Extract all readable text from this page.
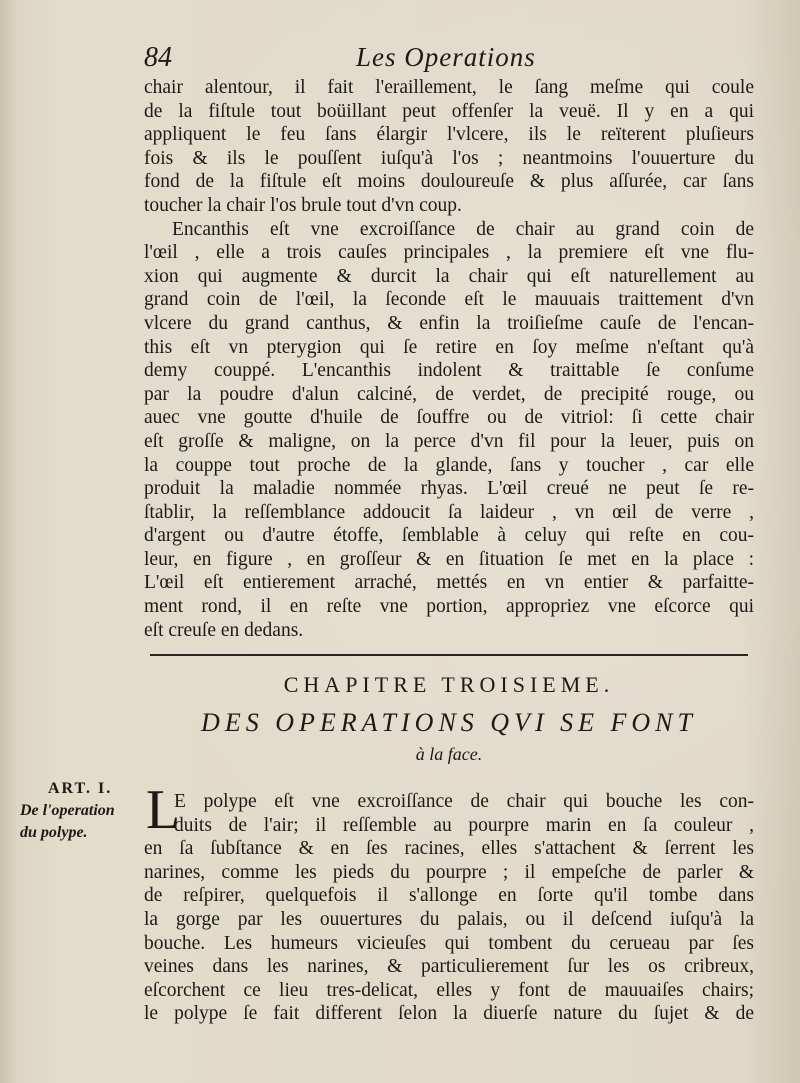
84	Les Operations
chair alentour, il fait l'eraillement, le ſang meſme qui coule
de la fiſtule tout boüillant peut offenſer la veuë. Il y en a qui
appliquent le feu ſans élargir l'vlcere, ils le reïterent pluſieurs
fois & ils le pouſſent iuſqu'à l'os ; neantmoins l'ouuerture du
fond de la fiſtule eſt moins douloureuſe & plus aſſurée, car ſans
toucher la chair l'os brule tout d'vn coup.
Encanthis eſt vne excroiſſance de chair au grand coin de
l'œil , elle a trois cauſes principales , la premiere eſt vne flu-
xion qui augmente & durcit la chair qui eſt naturellement au
grand coin de l'œil, la ſeconde eſt le mauuais traittement d'vn
vlcere du grand canthus, & enfin la troiſieſme cauſe de l'encan-
this eſt vn pterygion qui ſe retire en ſoy meſme n'eſtant qu'à
demy couppé. L'encanthis indolent & traittable ſe conſume
par la poudre d'alun calciné, de verdet, de precipité rouge, ou
auec vne goutte d'huile de ſouffre ou de vitriol: ſi cette chair
eſt groſſe & maligne, on la perce d'vn fil pour la leuer, puis on
la couppe tout proche de la glande, ſans y toucher , car elle
produit la maladie nommée rhyas. L'œil creué ne peut ſe re-
ſtablir, la reſſemblance addoucit ſa laideur , vn œil de verre ,
d'argent ou d'autre étoffe, ſemblable à celuy qui reſte en cou-
leur, en figure , en groſſeur & en ſituation ſe met en la place :
L'œil eſt entierement arraché, mettés en vn entier & parfaitte-
ment rond, il en reſte vne portion, appropriez vne eſcorce qui
eſt creuſe en dedans.
CHAPITRE TROISIEME.
DES OPERATIONS QVI SE FONT
à la face.
ART. I.
De l'operation
du polype.	L
E polype eſt vne excroiſſance de chair qui bouche les con-
duits de l'air; il reſſemble au pourpre marin en ſa couleur ,
en ſa ſubſtance & en ſes racines, elles s'attachent & ſerrent les
narines, comme les pieds du pourpre ; il empeſche de parler &
de reſpirer, quelquefois il s'allonge en ſorte qu'il tombe dans
la gorge par les ouuertures du palais, ou il deſcend iuſqu'à la
bouche. Les humeurs vicieuſes qui tombent du cerueau par ſes
veines dans les narines, & particulierement ſur les os cribreux,
eſcorchent ce lieu tres-delicat, elles y font de mauuaiſes chairs;
le polype ſe fait different ſelon la diuerſe nature du ſujet & de
